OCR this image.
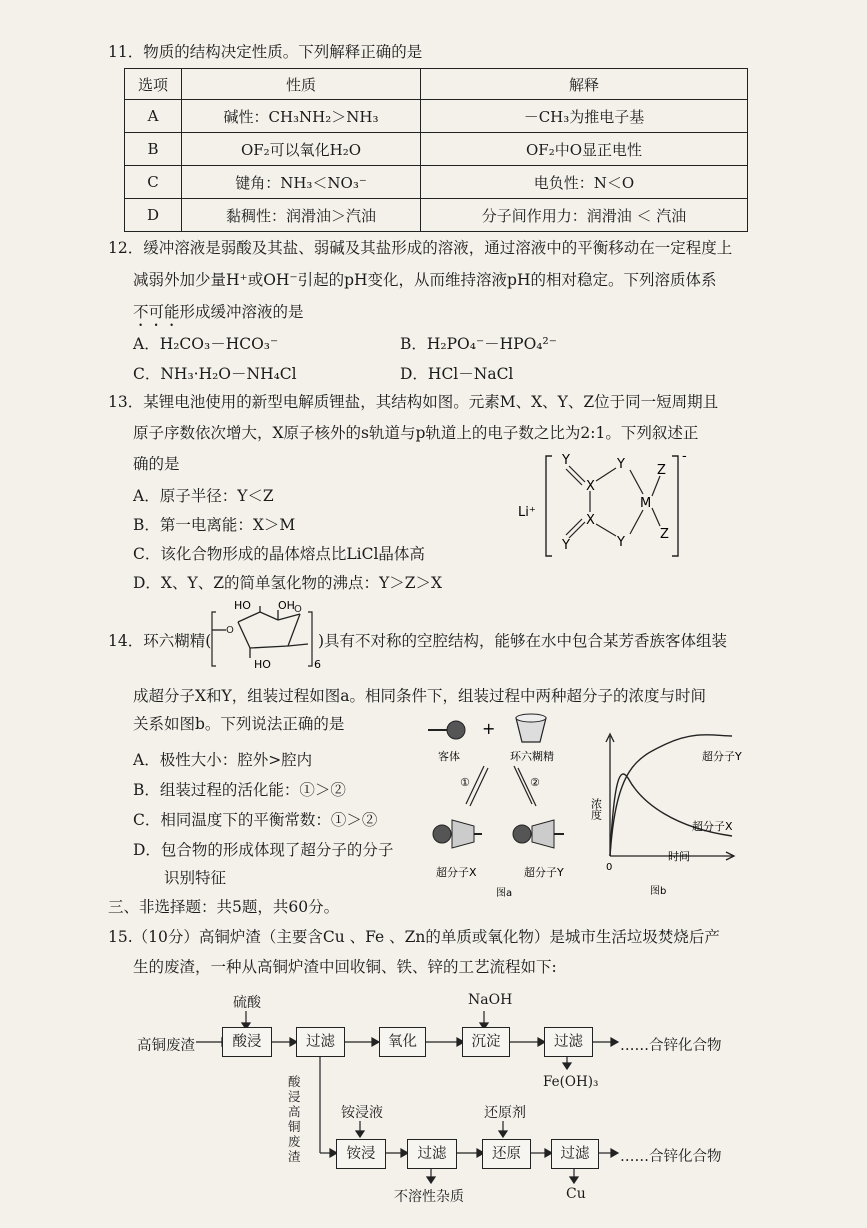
11．物质的结构决定性质。下列解释正确的是
选项	性质	解释
A	碱性：CH₃NH₂＞NH₃	－CH₃为推电子基
B	OF₂可以氧化H₂O	OF₂中O显正电性
C	键角：NH₃＜NO₃⁻	电负性：N＜O
D	黏稠性：润滑油＞汽油	分子间作用力：润滑油 ＜ 汽油
12．缓冲溶液是弱酸及其盐、弱碱及其盐形成的溶液，通过溶液中的平衡移动在一定程度上
减弱外加少量H⁺或OH⁻引起的pH变化，从而维持溶液pH的相对稳定。下列溶质体系
不可能形成缓冲溶液的是
A．H₂CO₃－HCO₃⁻	B．H₂PO₄⁻－HPO₄²⁻
C．NH₃·H₂O－NH₄Cl	D．HCl－NaCl
13．某锂电池使用的新型电解质锂盐，其结构如图。元素M、X、Y、Z位于同一短周期且
原子序数依次增大，X原子核外的s轨道与p轨道上的电子数之比为2:1。下列叙述正
确的是
A．原子半径：Y＜Z
B．第一电离能：X＞M
C．该化合物形成的晶体熔点比LiCl晶体高
D．X、Y、Z的简单氢化物的沸点：Y＞Z＞X
Y	Y
X
X
M
Z
Z
Y
Y
-
Li⁺
14．环六糊精(
O
O
HO OH
HO	6
)具有不对称的空腔结构，能够在水中包合某芳香族客体组装
成超分子X和Y，组装过程如图a。相同条件下，组装过程中两种超分子的浓度与时间
关系如图b。下列说法正确的是
A．极性大小：腔外>腔内
B．组装过程的活化能：①＞②
C．相同温度下的平衡常数：①＞②
D．包合物的形成体现了超分子的分子
识别特征
+
客体	环六糊精
①	②
超分子X	超分子Y
图a
超分子Y
超分子X
0
时间
浓度
图b
三、非选择题：共5题，共60分。
15.（10分）高铜炉渣（主要含Cu 、Fe 、Zn的单质或氧化物）是城市生活垃圾焚烧后产
生的废渣，一种从高铜炉渣中回收铜、铁、锌的工艺流程如下:
高铜废渣
硫酸
酸浸	过滤	氧化
NaOH
沉淀	过滤	……合锌化合物
Fe(OH)₃
酸浸
高铜
废渣
铵浸液
铵浸	过滤
还原剂
还原	过滤	……合锌化合物
不溶性杂质	Cu
